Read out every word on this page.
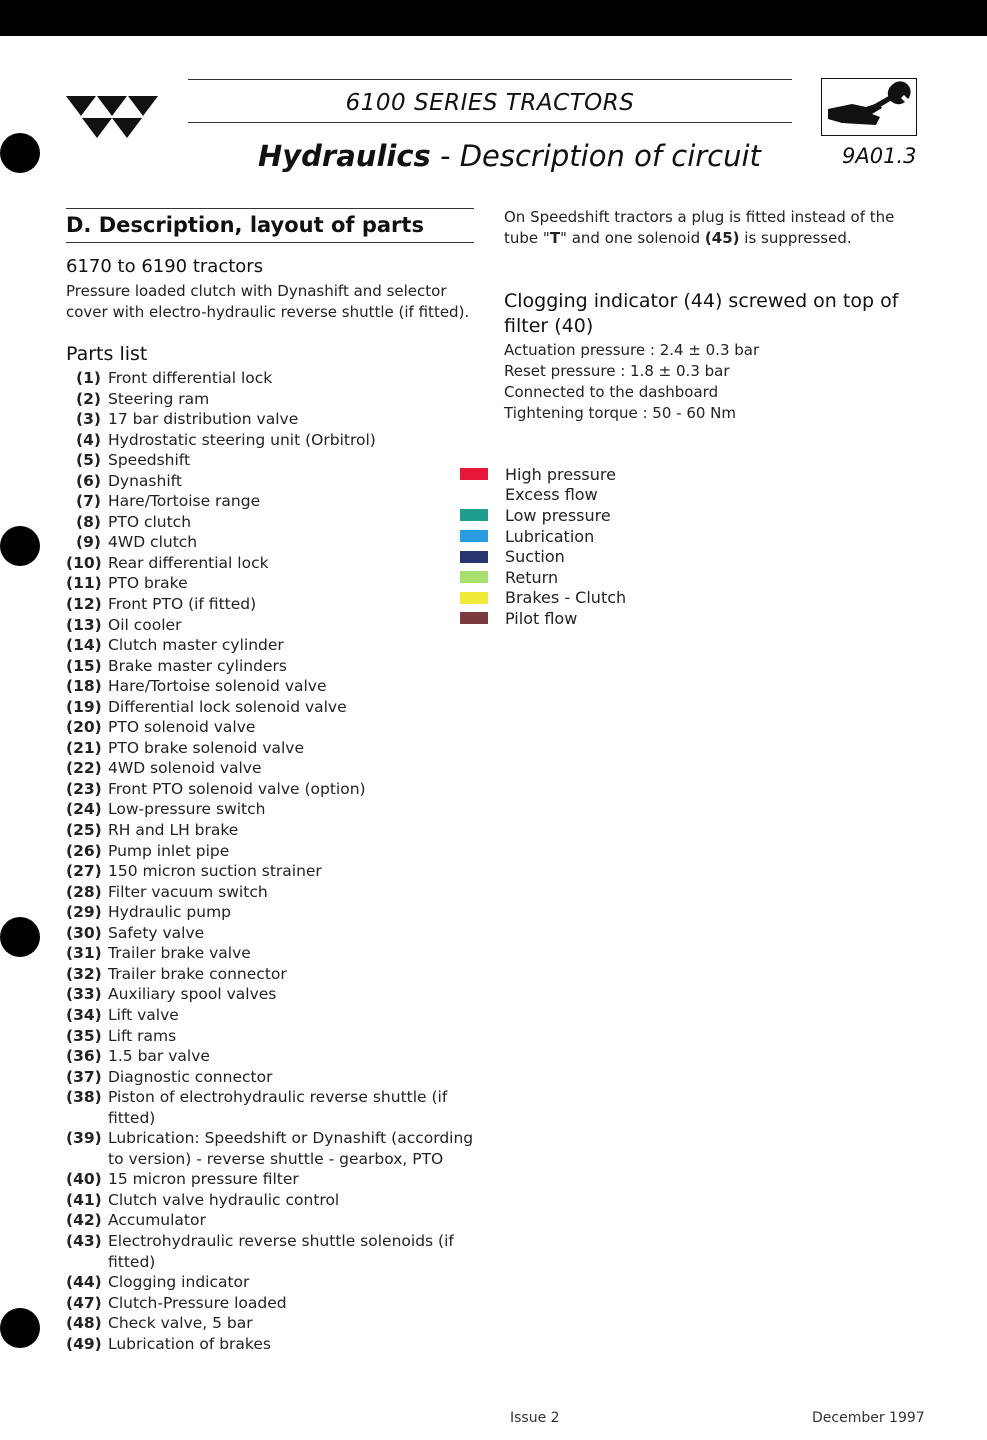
6100 SERIES TRACTORS
Hydraulics - Description of circuit	9A01.3
D. Description, layout of parts
6170 to 6190 tractors
Pressure loaded clutch with Dynashift and selector cover with electro-hydraulic reverse shuttle (if fitted).
Parts list
(1) Front differential lock
(2) Steering ram
(3) 17 bar distribution valve
(4) Hydrostatic steering unit (Orbitrol)
(5) Speedshift
(6) Dynashift
(7) Hare/Tortoise range
(8) PTO clutch
(9) 4WD clutch
(10) Rear differential lock
(11) PTO brake
(12) Front PTO (if fitted)
(13) Oil cooler
(14) Clutch master cylinder
(15) Brake master cylinders
(18) Hare/Tortoise solenoid valve
(19) Differential lock solenoid valve
(20) PTO solenoid valve
(21) PTO brake solenoid valve
(22) 4WD solenoid valve
(23) Front PTO solenoid valve (option)
(24) Low-pressure switch
(25) RH and LH brake
(26) Pump inlet pipe
(27) 150 micron suction strainer
(28) Filter vacuum switch
(29) Hydraulic pump
(30) Safety valve
(31) Trailer brake valve
(32) Trailer brake connector
(33) Auxiliary spool valves
(34) Lift valve
(35) Lift rams
(36) 1.5 bar valve
(37) Diagnostic connector
(38) Piston of electrohydraulic reverse shuttle (if fitted)
(39) Lubrication: Speedshift or Dynashift (according to version) - reverse shuttle - gearbox, PTO
(40) 15 micron pressure filter
(41) Clutch valve hydraulic control
(42) Accumulator
(43) Electrohydraulic reverse shuttle solenoids (if fitted)
(44) Clogging indicator
(47) Clutch-Pressure loaded
(48) Check valve, 5 bar
(49) Lubrication of brakes
On Speedshift tractors a plug is fitted instead of the tube "T" and one solenoid (45) is suppressed.
Clogging indicator (44) screwed on top of filter (40)
Actuation pressure : 2.4 ± 0.3 bar
Reset pressure : 1.8 ± 0.3 bar
Connected to the dashboard
Tightening torque : 50 - 60 Nm
High pressure
Excess flow
Low pressure
Lubrication
Suction
Return
Brakes - Clutch
Pilot flow
Issue 2	December 1997
